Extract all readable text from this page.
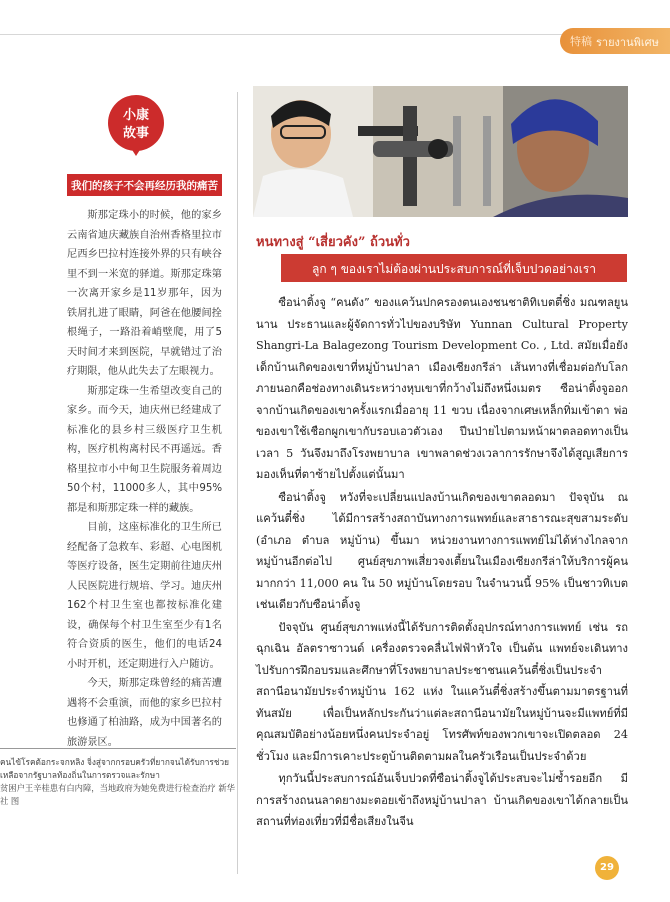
特稿 รายงานพิเศษ
小康
故事
我们的孩子不会再经历我的痛苦

斯那定珠小的时候，他的家乡云南省迪庆藏族自治州香格里拉市尼西乡巴拉村连接外界的只有峡谷里不到一米宽的驿道。斯那定珠第一次离开家乡是11岁那年，因为铁屑扎进了眼睛，阿爸在他腰间拴根绳子，一路沿着峭壁爬，用了5天时间才来到医院，早就错过了治疗期限，他从此失去了左眼视力。

斯那定珠一生希望改变自己的家乡。而今天，迪庆州已经建成了标准化的县乡村三级医疗卫生机构，医疗机构离村民不再遥远。香格里拉市小中甸卫生院服务着周边50个村，11000多人，其中95%都是和斯那定珠一样的藏族。

目前，这座标准化的卫生所已经配备了急救车、彩超、心电图机等医疗设备，医生定期前往迪庆州人民医院进行规培、学习。迪庆州162个村卫生室也都按标准化建设，确保每个村卫生室至少有1名符合资质的医生，他们的电话24小时开机，还定期进行入户随访。

今天，斯那定珠曾经的痛苦遭遇将不会重演，而他的家乡巴拉村也修通了柏油路，成为中国著名的旅游景区。

คนไข้โรคต้อกระจกหลิง จิ่งสู่จากกรอบครัวที่ยากจนได้รับการช่วยเหลือจากรัฐบาลท้องถิ่นในการตรวจและรักษา

贫困户王辛桂患有白内障，当地政府为她免费进行检查治疗 新华社 图

หนทางสู่ “เสี่ยวคัง” ถ้วนทั่ว
ลูก ๆ ของเราไม่ต้องผ่านประสบการณ์ที่เจ็บปวดอย่างเรา

ซือน่าติ้งจู “คนดัง” ของแคว้นปกครองตนเองชนชาติทิเบตตี๋ชิ่ง มณฑลยูนนาน ประธานและผู้จัดการทั่วไปของบริษัท Yunnan Cultural Property Shangri-La Balagezong Tourism Development Co. , Ltd. สมัยเมื่อยังเด็กบ้านเกิดของเขาที่หมู่บ้านปาลา เมืองเซียงกรีล่า เส้นทางที่เชื่อมต่อกับโลกภายนอกคือช่องทางเดินระหว่างหุบเขาที่กว้างไม่ถึงหนึ่งเมตร ซือน่าติ้งจูออกจากบ้านเกิดของเขาครั้งแรกเมื่ออายุ 11 ขวบ เนื่องจากเศษเหล็กทิ่มเข้าตา พ่อของเขาใช้เชือกผูกเขากับรอบเอวตัวเอง ปีนป่ายไปตามหน้าผาตลอดทางเป็นเวลา 5 วันจึงมาถึงโรงพยาบาล เขาพลาดช่วงเวลาการรักษาจึงได้สูญเสียการมองเห็นที่ตาซ้ายไปตั้งแต่นั้นมา

ซือน่าติ้งจู หวังที่จะเปลี่ยนแปลงบ้านเกิดของเขาตลอดมา ปัจจุบัน ณ แคว้นตี๋ชิ่ง ได้มีการสร้างสถาบันทางการแพทย์และสาธารณะสุขสามระดับ (อำเภอ ตำบล หมู่บ้าน) ขึ้นมา หน่วยงานทางการแพทย์ไม่ได้ห่างไกลจากหมู่บ้านอีกต่อไป ศูนย์สุขภาพเสี่ยวจงเตี้ยนในเมืองเซียงกรีล่าให้บริการผู้คนมากกว่า 11,000 คน ใน 50 หมู่บ้านโดยรอบ ในจำนวนนี้ 95% เป็นชาวทิเบตเช่นเดียวกับซือน่าติ้งจู

ปัจจุบัน ศูนย์สุขภาพแห่งนี้ได้รับการติดตั้งอุปกรณ์ทางการแพทย์ เช่น รถฉุกเฉิน อัลตราซาวนด์ เครื่องตรวจคลื่นไฟฟ้าหัวใจ เป็นต้น แพทย์จะเดินทางไปรับการฝึกอบรมและศึกษาที่โรงพยาบาลประชาชนแคว้นตี๋ชิ่งเป็นประจำ สถานีอนามัยประจำหมู่บ้าน 162 แห่ง ในแคว้นตี๋ชิ่งสร้างขึ้นตามมาตรฐานที่ทันสมัย เพื่อเป็นหลักประกันว่าแต่ละสถานีอนามัยในหมู่บ้านจะมีแพทย์ที่มีคุณสมบัติอย่างน้อยหนึ่งคนประจำอยู่ โทรศัพท์ของพวกเขาจะเปิดตลอด 24 ชั่วโมง และมีการเคาะประตูบ้านติดตามผลในครัวเรือนเป็นประจำด้วย

ทุกวันนี้ประสบการณ์อันเจ็บปวดที่ซือน่าติ้งจูได้ประสบจะไม่ซ้ำรอยอีก มีการสร้างถนนลาดยางมะตอยเข้าถึงหมู่บ้านปาลา บ้านเกิดของเขาได้กลายเป็นสถานที่ท่องเที่ยวที่มีชื่อเสียงในจีน

29
